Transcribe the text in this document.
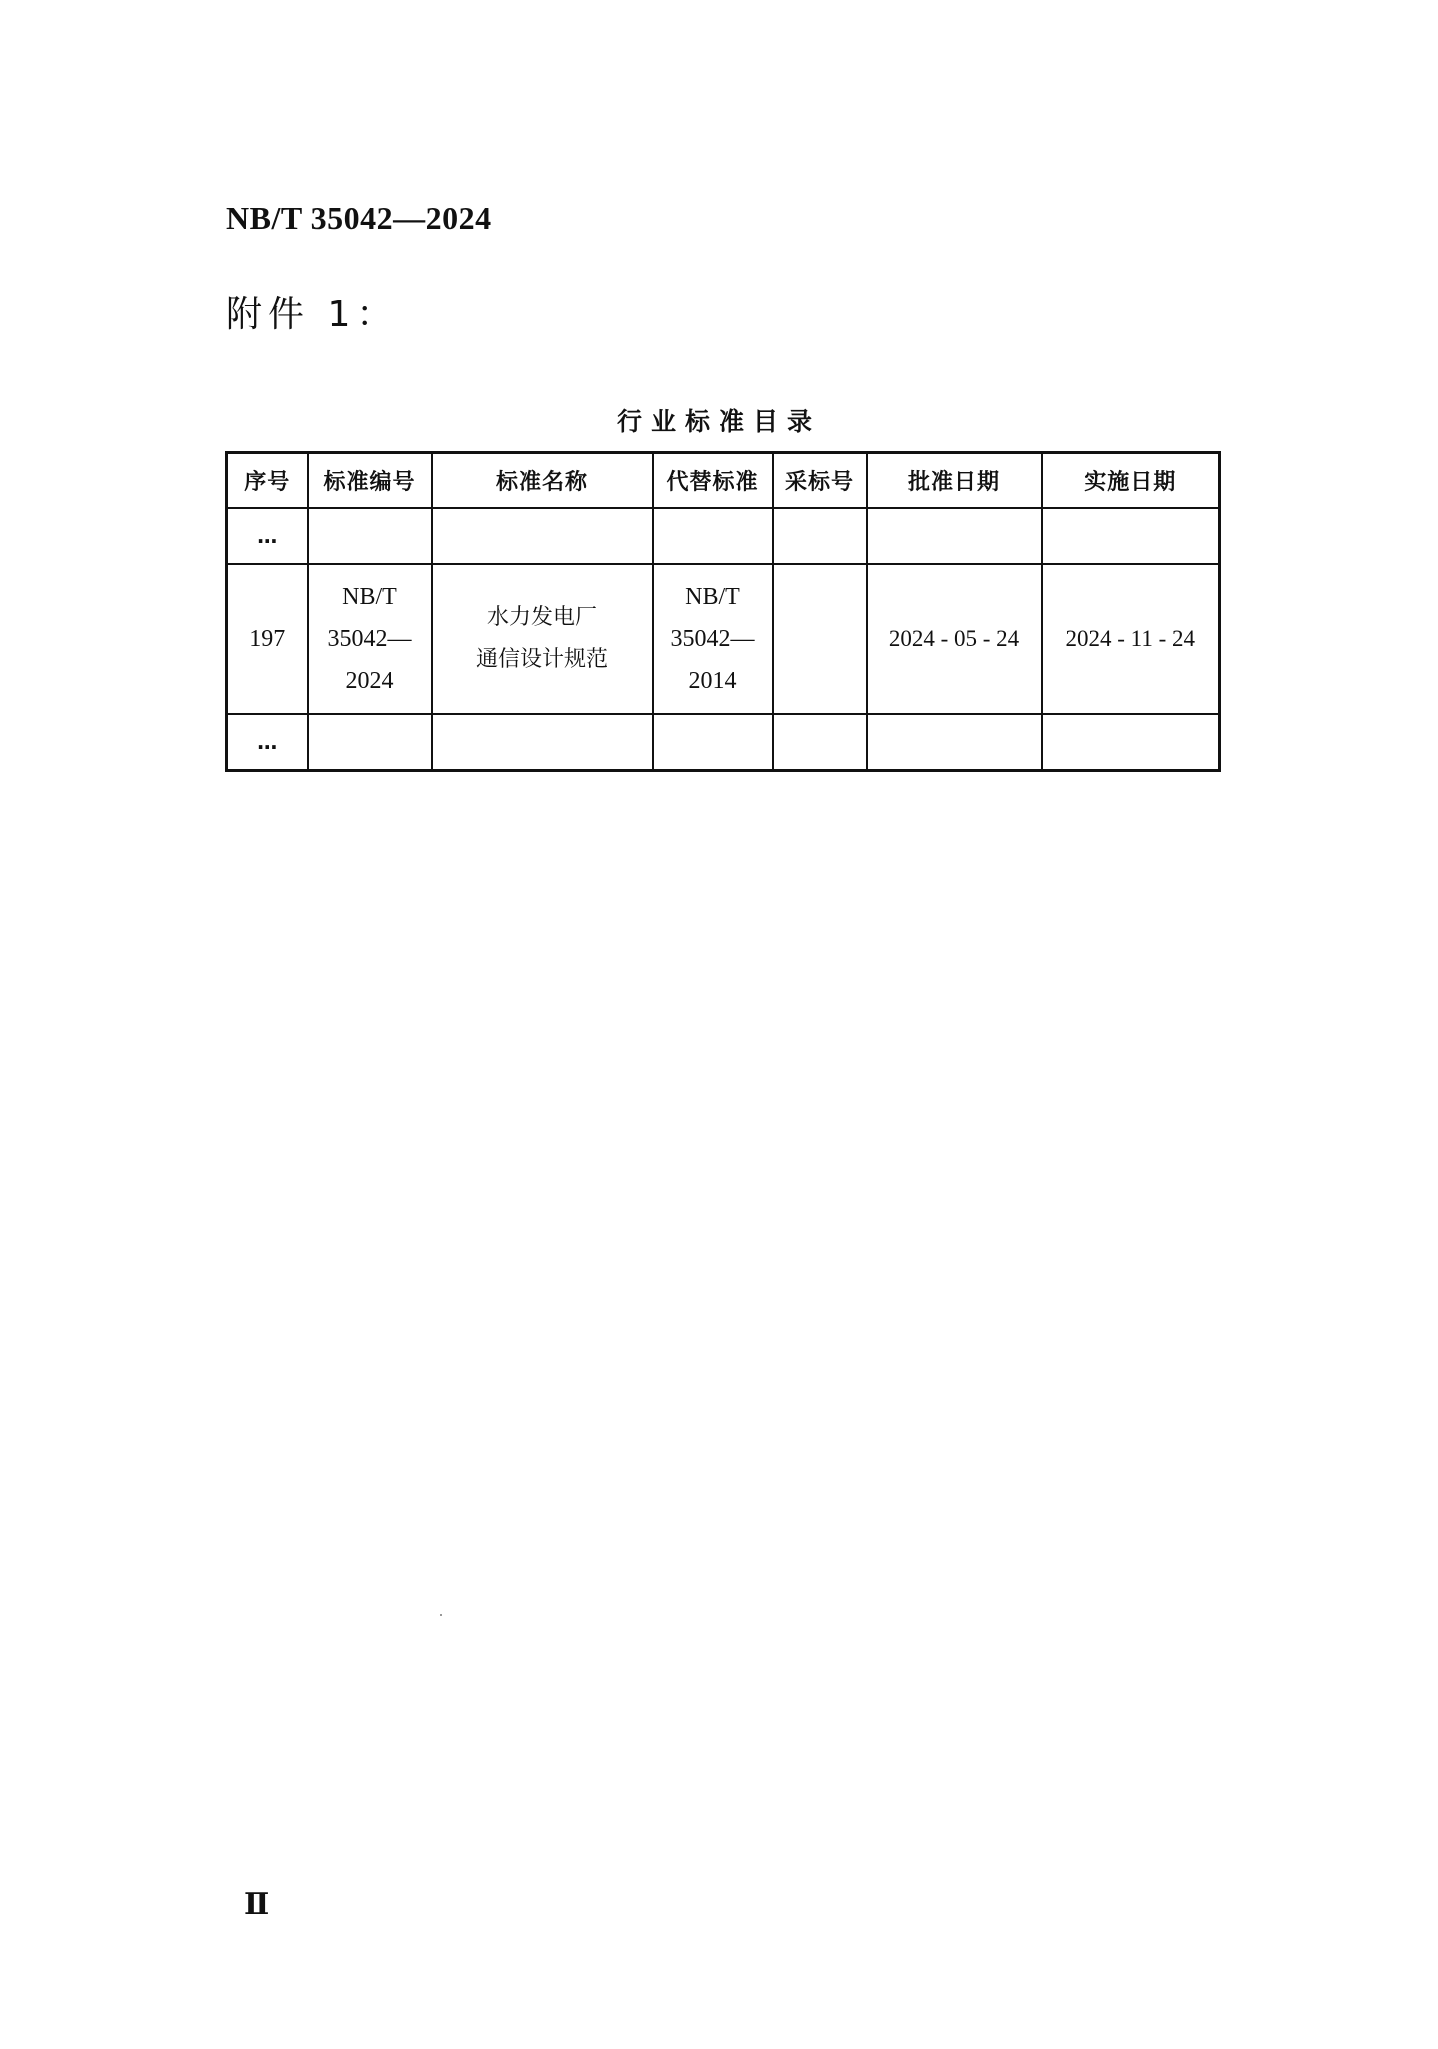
NB/T 35042—2024
附件 1：
行业标准目录
序号	标准编号	标准名称	代替标准	采标号	批准日期	实施日期
…						
197	NB/T
35042—
2024	水力发电厂
通信设计规范	NB/T
35042—
2014		2024 - 05 - 24	2024 - 11 - 24
…						
Ⅱ
